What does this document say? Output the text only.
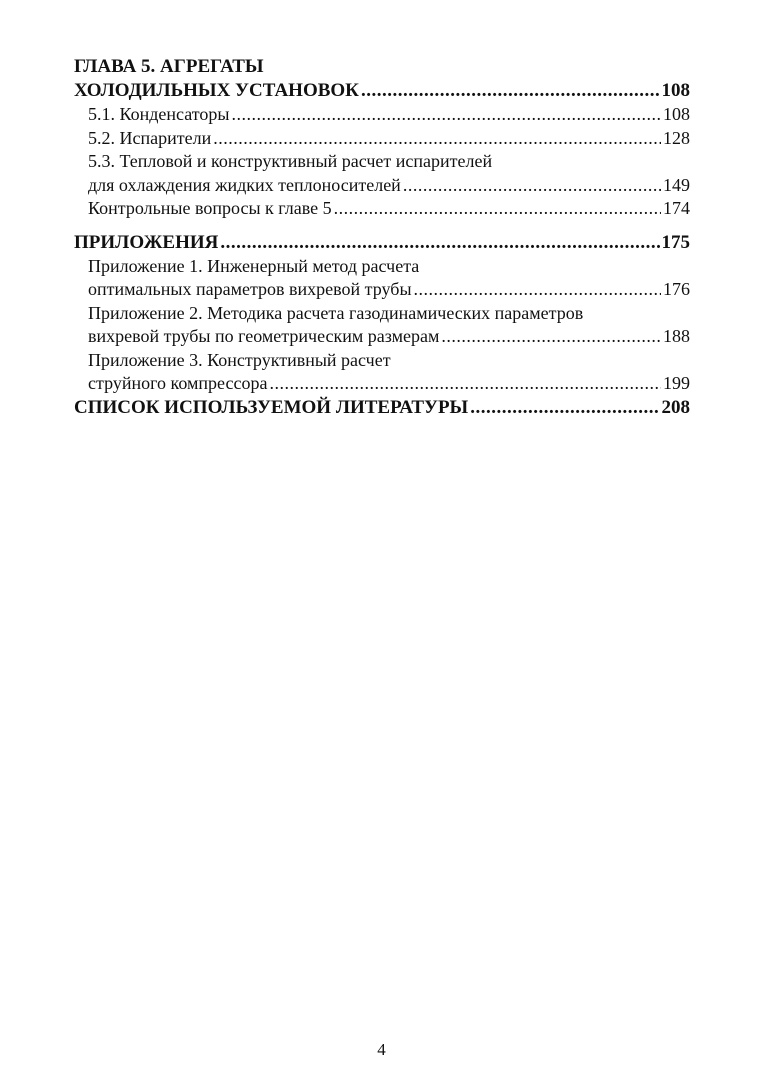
ГЛАВА 5. АГРЕГАТЫ
ХОЛОДИЛЬНЫХ УСТАНОВОК .....	108
5.1. Конденсаторы .....	108
5.2. Испарители .....	128
5.3. Тепловой и конструктивный расчет испарителей
для охлаждения жидких теплоносителей .....	149
Контрольные вопросы к главе 5 .....	174
ПРИЛОЖЕНИЯ .....	175
Приложение 1. Инженерный метод расчета
оптимальных параметров вихревой трубы .....	176
Приложение 2. Методика расчета газодинамических параметров
вихревой трубы по геометрическим размерам .....	188
Приложение 3. Конструктивный расчет
струйного компрессора .....	199
СПИСОК ИСПОЛЬЗУЕМОЙ ЛИТЕРАТУРЫ .....	208
4
